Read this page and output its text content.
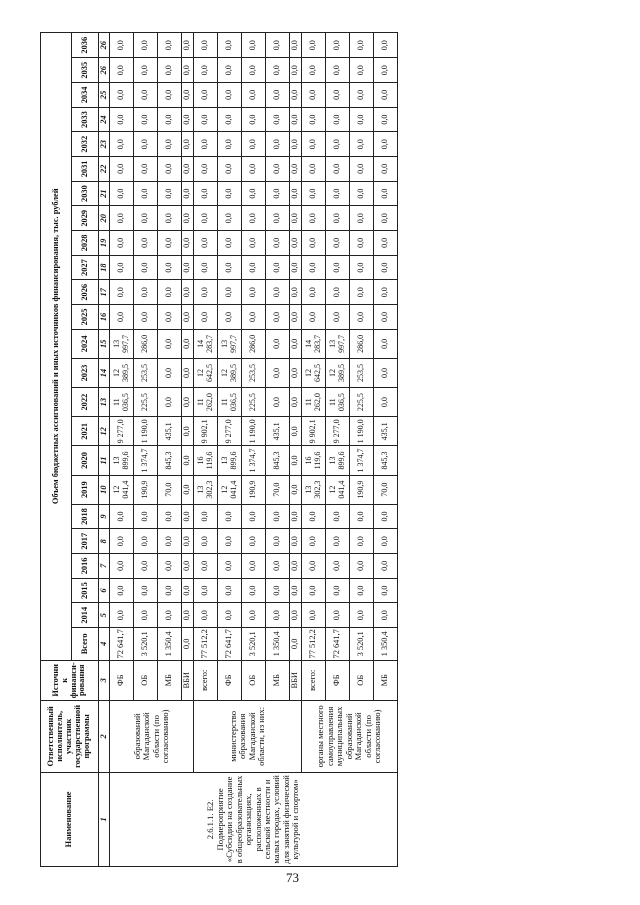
73
Наименование	Ответственный исполнитель, участник государственной программы	Источник финанси-рования	Объем бюджетных ассигнований и иных источников финансирования, тыс. рублей																							
			Всего	2014	2015	2016	2017	2018	2019	2020	2021	2022	2023	2024	2025	2026	2027	2028	2029	2030	2031	2032	2033	2034	2035	2036
1	2	3	4	5	6	7	8	9	10	11	12	13	14	15	16	17	18	19	20	21	22	23	24	25	26	26
2.6.1.1. Е2. Подмероприятие «Субсидии на создание в общеобразовательных организациях, расположенных в сельской местности и малых городах, условий для занятий физической культурой и спортом»	образований Магаданской области (по согласованию)	ФБ	72 641,7	0,0	0,0	0,0	0,0	0,0	12 041,4	13 899,6	9 277,0	11 036,5	12 389,5	13 997,7	0,0	0,0	0,0	0,0	0,0	0,0	0,0	0,0	0,0	0,0	0,0	0,0
		ОБ	3 520,1	0,0	0,0	0,0	0,0	0,0	190,9	1 374,7	1 190,0	225,5	253,5	286,0	0,0	0,0	0,0	0,0	0,0	0,0	0,0	0,0	0,0	0,0	0,0	0,0
		МБ	1 350,4	0,0	0,0	0,0	0,0	0,0	70,0	845,3	435,1	0,0	0,0	0,0	0,0	0,0	0,0	0,0	0,0	0,0	0,0	0,0	0,0	0,0	0,0	0,0
		ВБИ	0,0	0,0	0,0	0,0	0,0	0,0	0,0	0,0	0,0	0,0	0,0	0,0	0,0	0,0	0,0	0,0	0,0	0,0	0,0	0,0	0,0	0,0	0,0	0,0
	министерство образования Магаданской области, из них:	всего:	77 512,2	0,0	0,0	0,0	0,0	0,0	13 302,3	16 119,6	9 902,1	11 262,0	12 642,5	14 283,7	0,0	0,0	0,0	0,0	0,0	0,0	0,0	0,0	0,0	0,0	0,0	0,0
		ФБ	72 641,7	0,0	0,0	0,0	0,0	0,0	12 041,4	13 899,6	9 277,0	11 036,5	12 389,5	13 997,7	0,0	0,0	0,0	0,0	0,0	0,0	0,0	0,0	0,0	0,0	0,0	0,0
		ОБ	3 520,1	0,0	0,0	0,0	0,0	0,0	190,9	1 374,7	1 190,0	225,5	253,5	286,0	0,0	0,0	0,0	0,0	0,0	0,0	0,0	0,0	0,0	0,0	0,0	0,0
		МБ	1 350,4	0,0	0,0	0,0	0,0	0,0	70,0	845,3	435,1	0,0	0,0	0,0	0,0	0,0	0,0	0,0	0,0	0,0	0,0	0,0	0,0	0,0	0,0	0,0
		ВБИ	0,0	0,0	0,0	0,0	0,0	0,0	0,0	0,0	0,0	0,0	0,0	0,0	0,0	0,0	0,0	0,0	0,0	0,0	0,0	0,0	0,0	0,0	0,0	0,0
	органы местного самоуправления муниципальных образований Магаданской области (по согласованию)	всего:	77 512,2	0,0	0,0	0,0	0,0	0,0	13 302,3	16 119,6	9 902,1	11 262,0	12 642,5	14 283,7	0,0	0,0	0,0	0,0	0,0	0,0	0,0	0,0	0,0	0,0	0,0	0,0
		ФБ	72 641,7	0,0	0,0	0,0	0,0	0,0	12 041,4	13 899,6	9 277,0	11 036,5	12 389,5	13 997,7	0,0	0,0	0,0	0,0	0,0	0,0	0,0	0,0	0,0	0,0	0,0	0,0
		ОБ	3 520,1	0,0	0,0	0,0	0,0	0,0	190,9	1 374,7	1 190,0	225,5	253,5	286,0	0,0	0,0	0,0	0,0	0,0	0,0	0,0	0,0	0,0	0,0	0,0	0,0
		МБ	1 350,4	0,0	0,0	0,0	0,0	0,0	70,0	845,3	435,1	0,0	0,0	0,0	0,0	0,0	0,0	0,0	0,0	0,0	0,0	0,0	0,0	0,0	0,0	0,0
